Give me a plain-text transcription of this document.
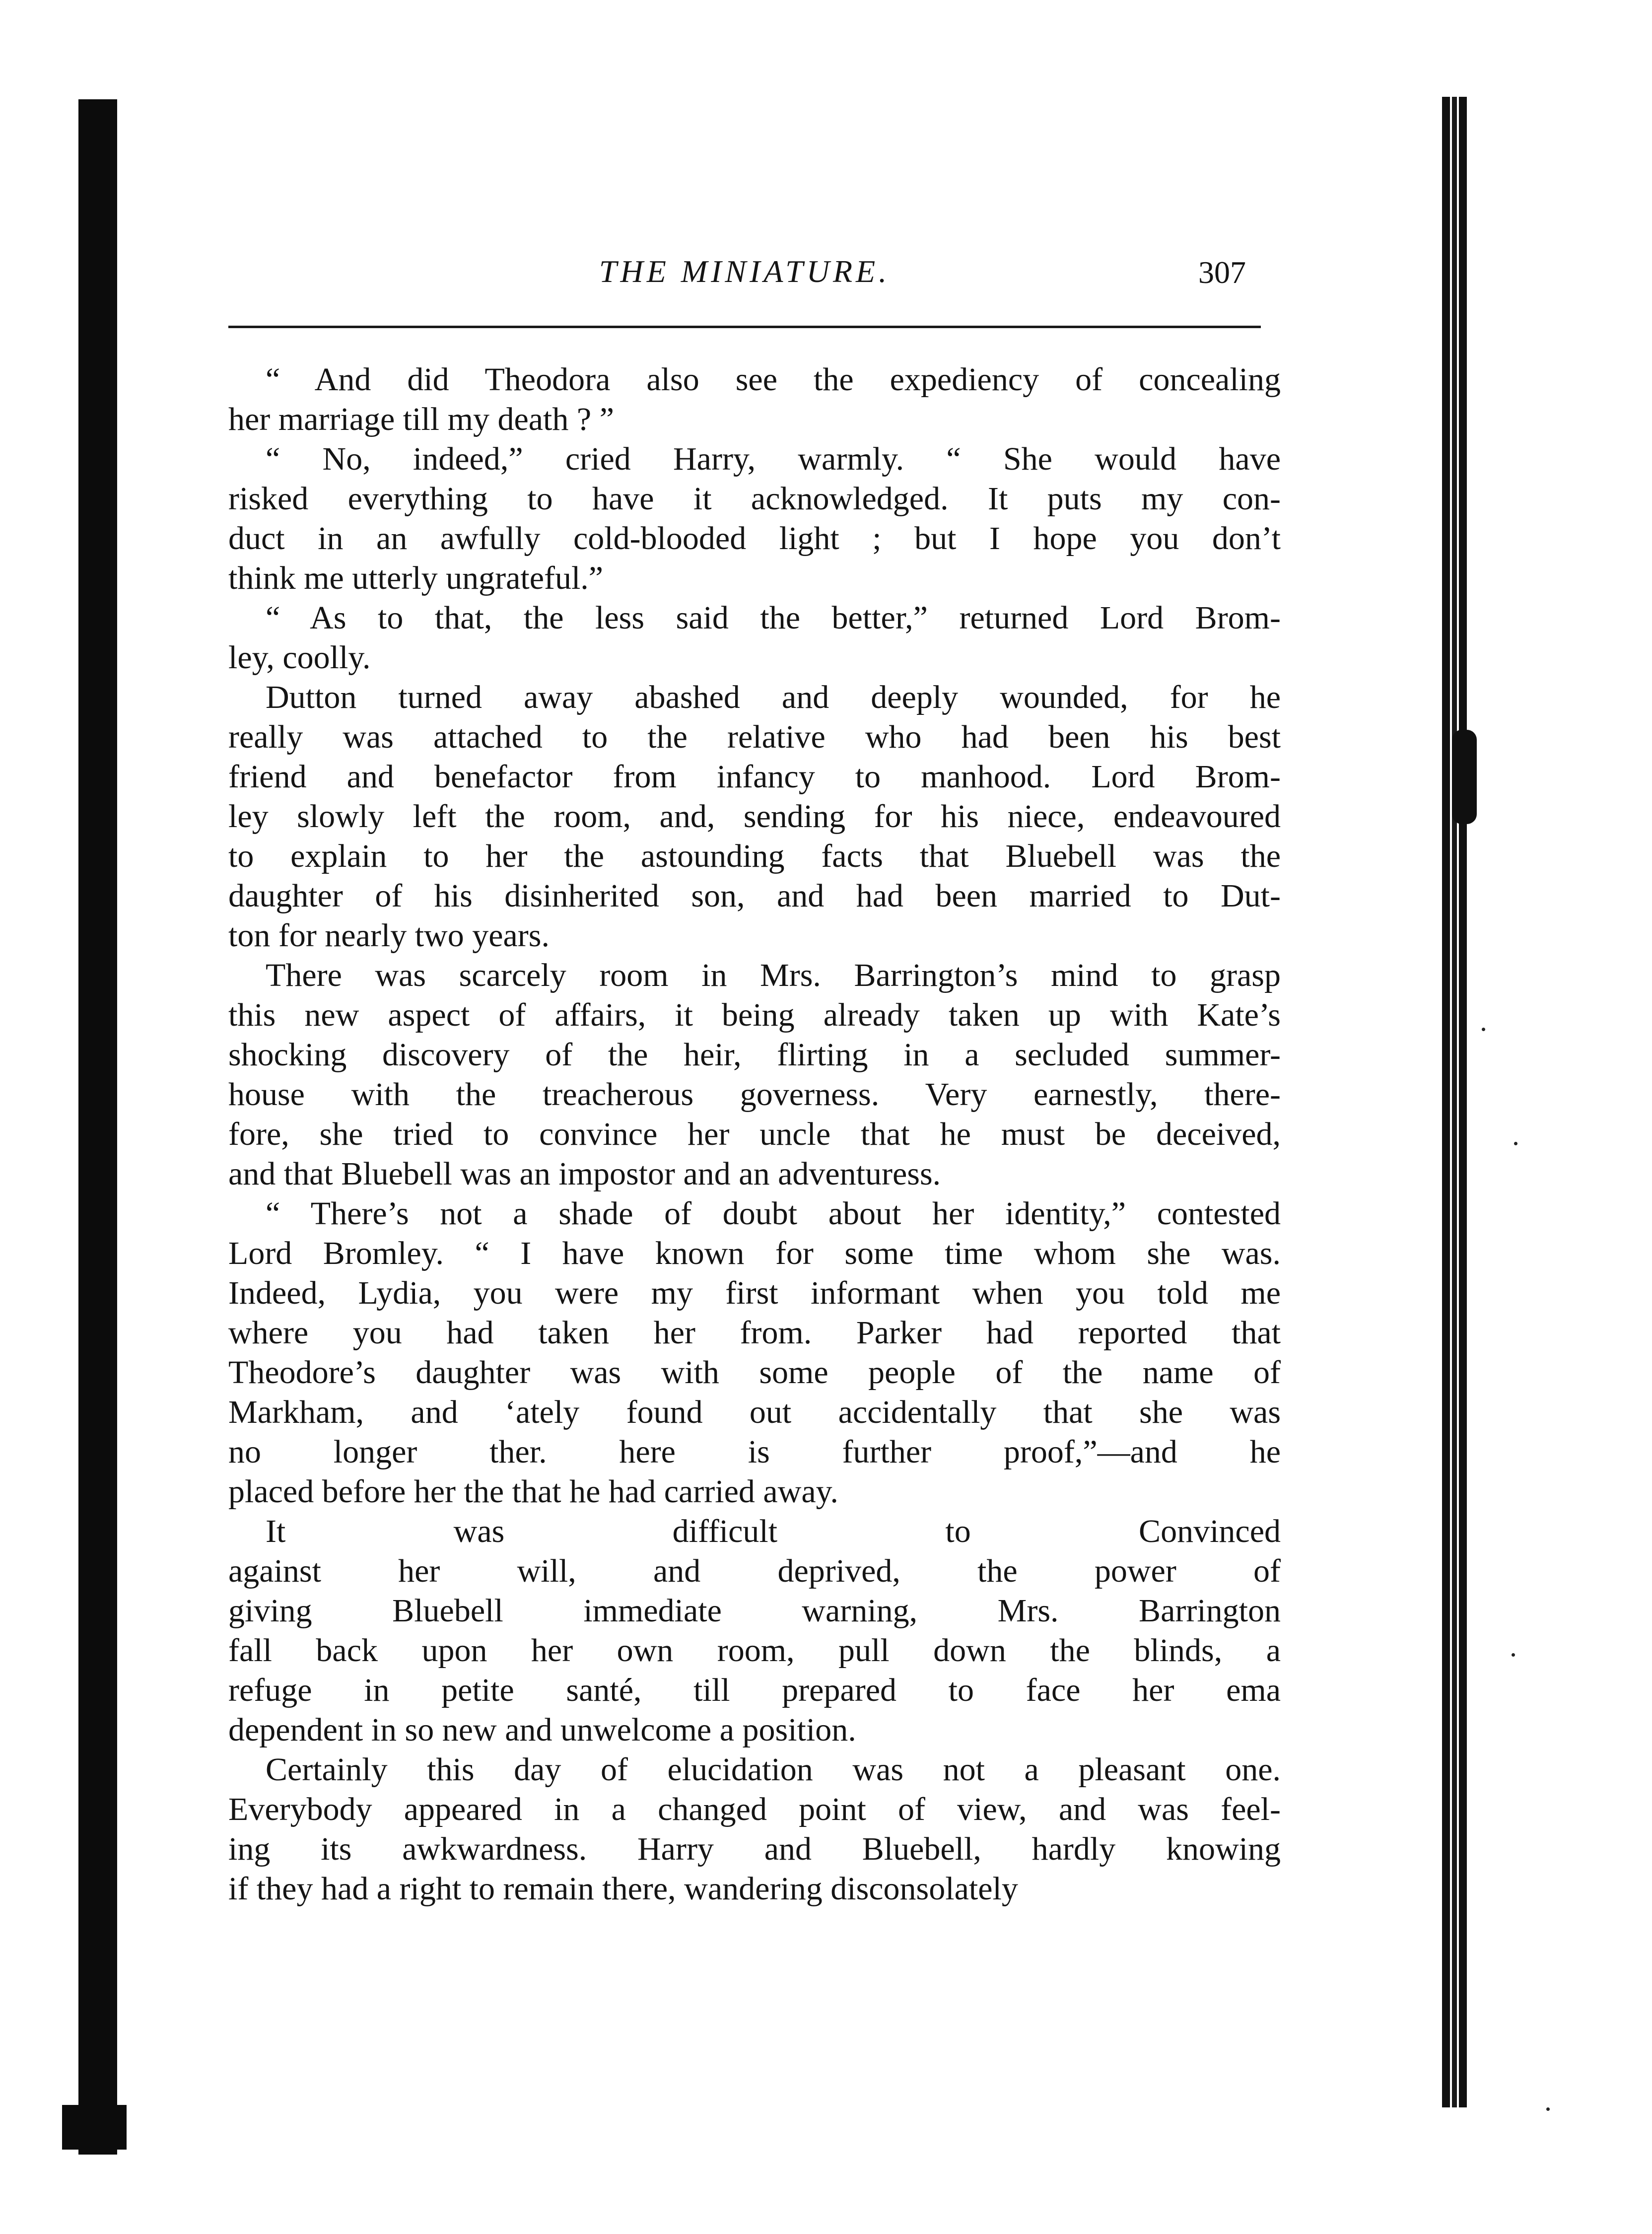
THE MINIATURE.	307

“ And did Theodora also see the expediency of concealing
her marriage till my death ? ”

“ No, indeed,” cried Harry, warmly. “ She would have
risked everything to have it acknowledged. It puts my con-
duct in an awfully cold-blooded light ; but I hope you don’t
think me utterly ungrateful.”

“ As to that, the less said the better,” returned Lord Brom-
ley, coolly.

Dutton turned away abashed and deeply wounded, for he
really was attached to the relative who had been his best
friend and benefactor from infancy to manhood. Lord Brom-
ley slowly left the room, and, sending for his niece, endeavoured
to explain to her the astounding facts that Bluebell was the
daughter of his disinherited son, and had been married to Dut-
ton for nearly two years.

There was scarcely room in Mrs. Barrington’s mind to grasp
this new aspect of affairs, it being already taken up with Kate’s
shocking discovery of the heir, flirting in a secluded summer-
house with the treacherous governess. Very earnestly, there-
fore, she tried to convince her uncle that he must be deceived,
and that Bluebell was an impostor and an adventuress.

“ There’s not a shade of doubt about her identity,” contested
Lord Bromley. “ I have known for some time whom she was.
Indeed, Lydia, you were my first informant when you told me
where you had taken her from. Parker had reported that
Theodore’s daughter was with some people of the name of
Markham, and ‘ately found out accidentally that she was
no longer ther. here is further proof,”—and he
placed before her the that he had carried away.

It was difficult to Convinced
against her will, and deprived, the power of
giving Bluebell immediate warning, Mrs. Barrington
fall back upon her own room, pull down the blinds, a
refuge in petite santé, till prepared to face her ema
dependent in so new and unwelcome a position.

Certainly this day of elucidation was not a pleasant one.
Everybody appeared in a changed point of view, and was feel-
ing its awkwardness. Harry and Bluebell, hardly knowing
if they had a right to remain there, wandering disconsolately
